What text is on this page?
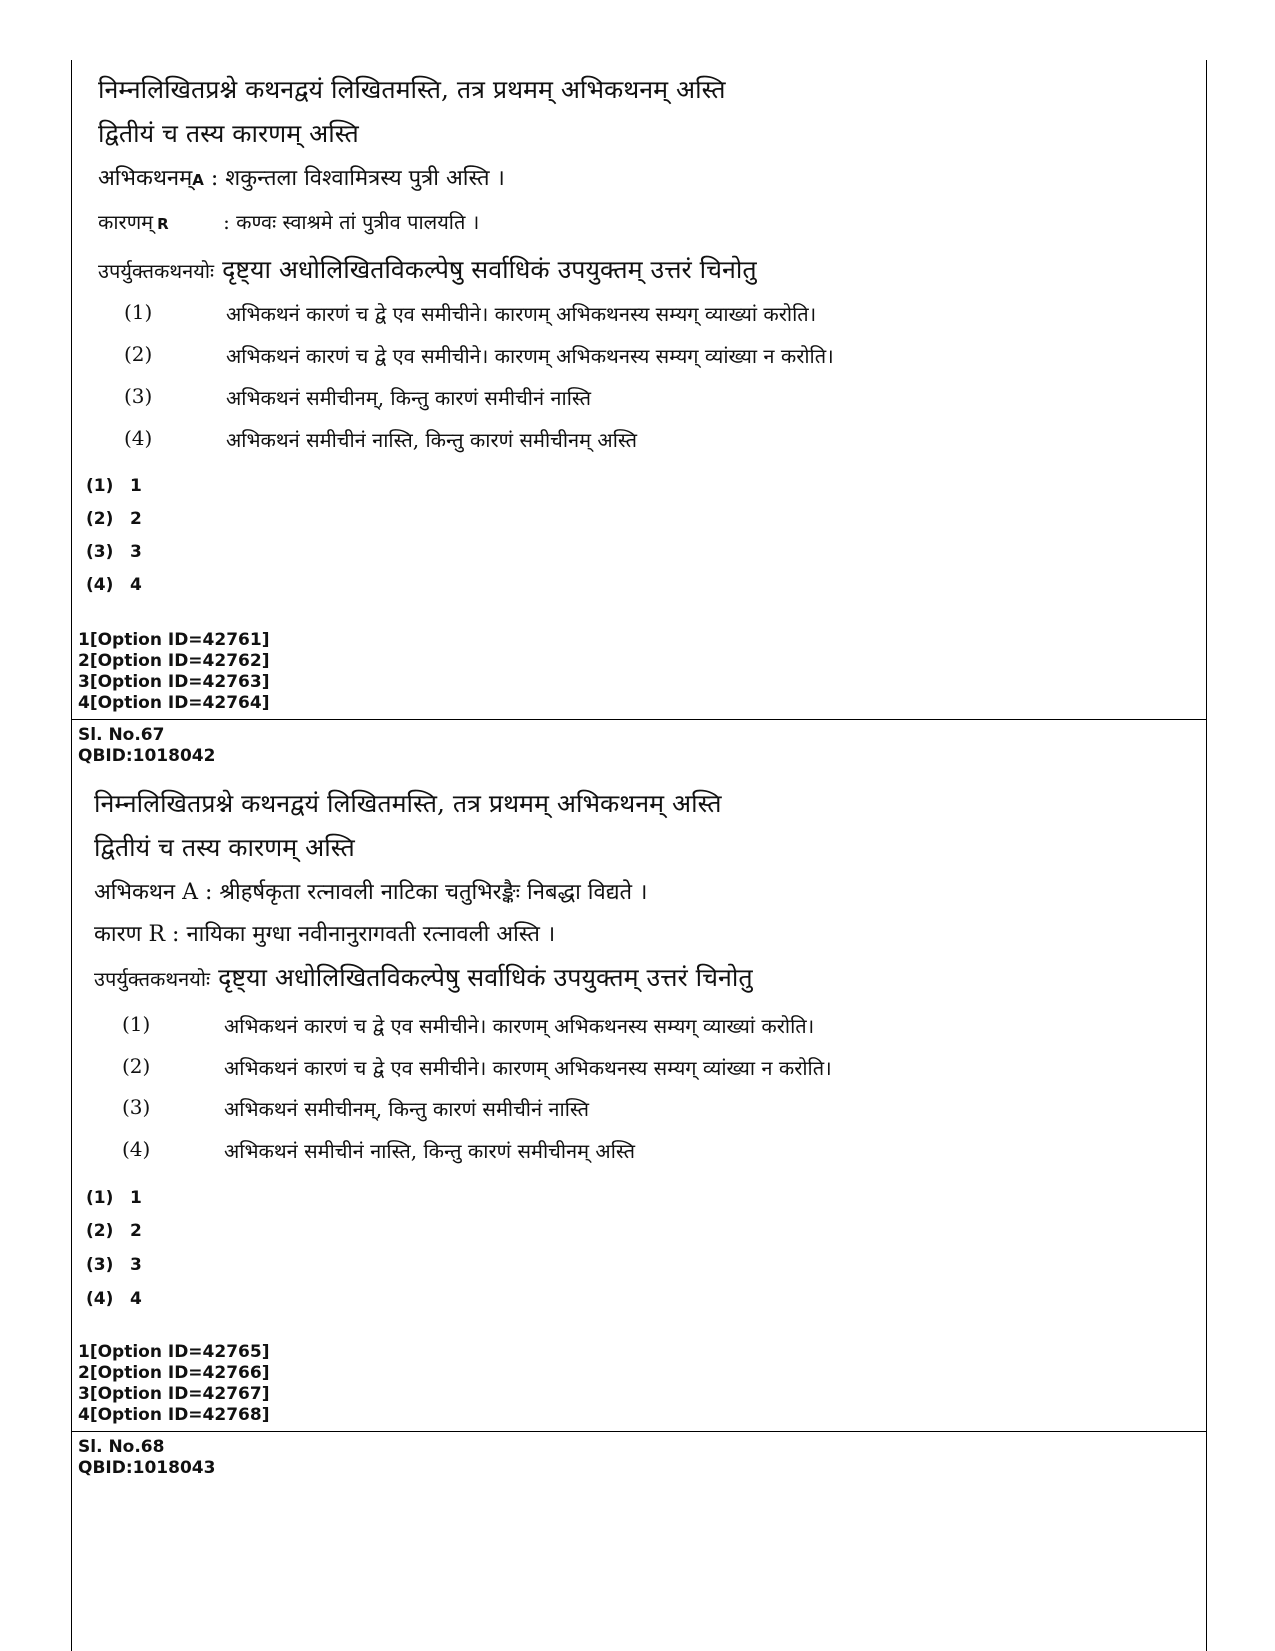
निम्नलिखितप्रश्ने कथनद्वयं लिखितमस्ति, तत्र प्रथमम् अभिकथनम् अस्ति
द्वितीयं च तस्य कारणम् अस्ति
अभिकथनम्A : शकुन्तला विश्वामित्रस्य पुत्री अस्ति ।
कारणम् R	: कण्वः स्वाश्रमे तां पुत्रीव पालयति ।
उपर्युक्तकथनयोः दृष्ट्या अधोलिखितविकल्पेषु सर्वाधिकं उपयुक्तम् उत्तरं चिनोतु
(1)	अभिकथनं कारणं च द्वे एव समीचीने। कारणम् अभिकथनस्य सम्यग् व्याख्यां करोति।
(2)	अभिकथनं कारणं च द्वे एव समीचीने। कारणम् अभिकथनस्य सम्यग् व्यांख्या न करोति।
(3)	अभिकथनं समीचीनम्, किन्तु कारणं समीचीनं नास्ति
(4)	अभिकथनं समीचीनं नास्ति, किन्तु कारणं समीचीनम् अस्ति
(1) 1
(2) 2
(3) 3
(4) 4
1[Option ID=42761]
2[Option ID=42762]
3[Option ID=42763]
4[Option ID=42764]
Sl. No.67
QBID:1018042
निम्नलिखितप्रश्ने कथनद्वयं लिखितमस्ति, तत्र प्रथमम् अभिकथनम् अस्ति
द्वितीयं च तस्य कारणम् अस्ति
अभिकथन A : श्रीहर्षकृता रत्नावली नाटिका चतुभिरङ्कैः निबद्धा विद्यते ।
कारण R : नायिका मुग्धा नवीनानुरागवती रत्नावली अस्ति ।
उपर्युक्तकथनयोः दृष्ट्या अधोलिखितविकल्पेषु सर्वाधिकं उपयुक्तम् उत्तरं चिनोतु
(1)	अभिकथनं कारणं च द्वे एव समीचीने। कारणम् अभिकथनस्य सम्यग् व्याख्यां करोति।
(2)	अभिकथनं कारणं च द्वे एव समीचीने। कारणम् अभिकथनस्य सम्यग् व्यांख्या न करोति।
(3)	अभिकथनं समीचीनम्, किन्तु कारणं समीचीनं नास्ति
(4)	अभिकथनं समीचीनं नास्ति, किन्तु कारणं समीचीनम् अस्ति
(1) 1
(2) 2
(3) 3
(4) 4
1[Option ID=42765]
2[Option ID=42766]
3[Option ID=42767]
4[Option ID=42768]
Sl. No.68
QBID:1018043
